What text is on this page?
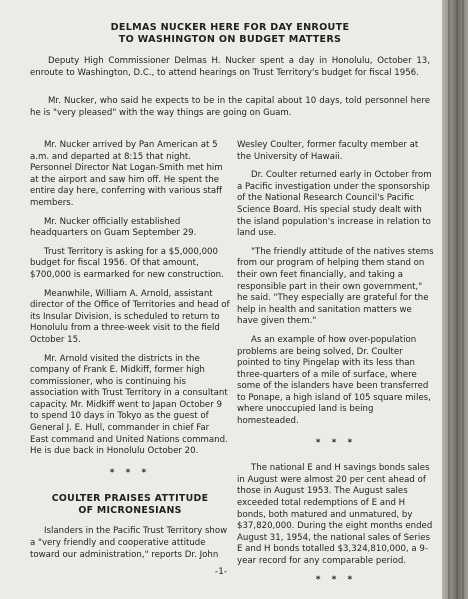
DELMAS NUCKER HERE FOR DAY ENROUTE
TO WASHINGTON ON BUDGET MATTERS

Deputy High Commissioner Delmas H. Nucker spent a day in Honolulu, October 13, enroute to Washington, D.C., to attend hearings on Trust Territory's budget for fiscal 1956.

Mr. Nucker, who said he expects to be in the capital about 10 days, told personnel here he is "very pleased" with the way things are going on Guam.

Mr. Nucker arrived by Pan American at 5 a.m. and departed at 8:15 that night. Personnel Director Nat Logan-Smith met him at the airport and saw him off. He spent the entire day here, conferring with various staff members.

Mr. Nucker officially established headquarters on Guam September 29.

Trust Territory is asking for a $5,000,000 budget for fiscal 1956. Of that amount, $700,000 is earmarked for new construction.

Meanwhile, William A. Arnold, assistant director of the Office of Territories and head of its Insular Division, is scheduled to return to Honolulu from a three-week visit to the field October 15.

Mr. Arnold visited the districts in the company of Frank E. Midkiff, former high commissioner, who is continuing his association with Trust Territory in a consultant capacity. Mr. Midkiff went to Japan October 9 to spend 10 days in Tokyo as the guest of General J. E. Hull, commander in chief Far East command and United Nations command. He is due back in Honolulu October 20.

* * *
COULTER PRAISES ATTITUDE
OF MICRONESIANS

Islanders in the Pacific Trust Territory show a "very friendly and cooperative attitude toward our administration," reports Dr. John

Wesley Coulter, former faculty member at the University of Hawaii.

Dr. Coulter returned early in October from a Pacific investigation under the sponsorship of the National Research Council's Pacific Science Board. His special study dealt with the island population's increase in relation to land use.

"The friendly attitude of the natives stems from our program of helping them stand on their own feet financially, and taking a responsible part in their own government," he said. "They especially are grateful for the help in health and sanitation matters we have given them."

As an example of how over-population problems are being solved, Dr. Coulter pointed to tiny Pingelap with its less than three-quarters of a mile of surface, where some of the islanders have been transferred to Ponape, a high island of 105 square miles, where unoccupied land is being homesteaded.

* * *

The national E and H savings bonds sales in August were almost 20 per cent ahead of those in August 1953. The August sales exceeded total redemptions of E and H bonds, both matured and unmatured, by $37,820,000. During the eight months ended August 31, 1954, the national sales of Series E and H bonds totalled $3,324,810,000, a 9-year record for any comparable period.

* * *
-1-
